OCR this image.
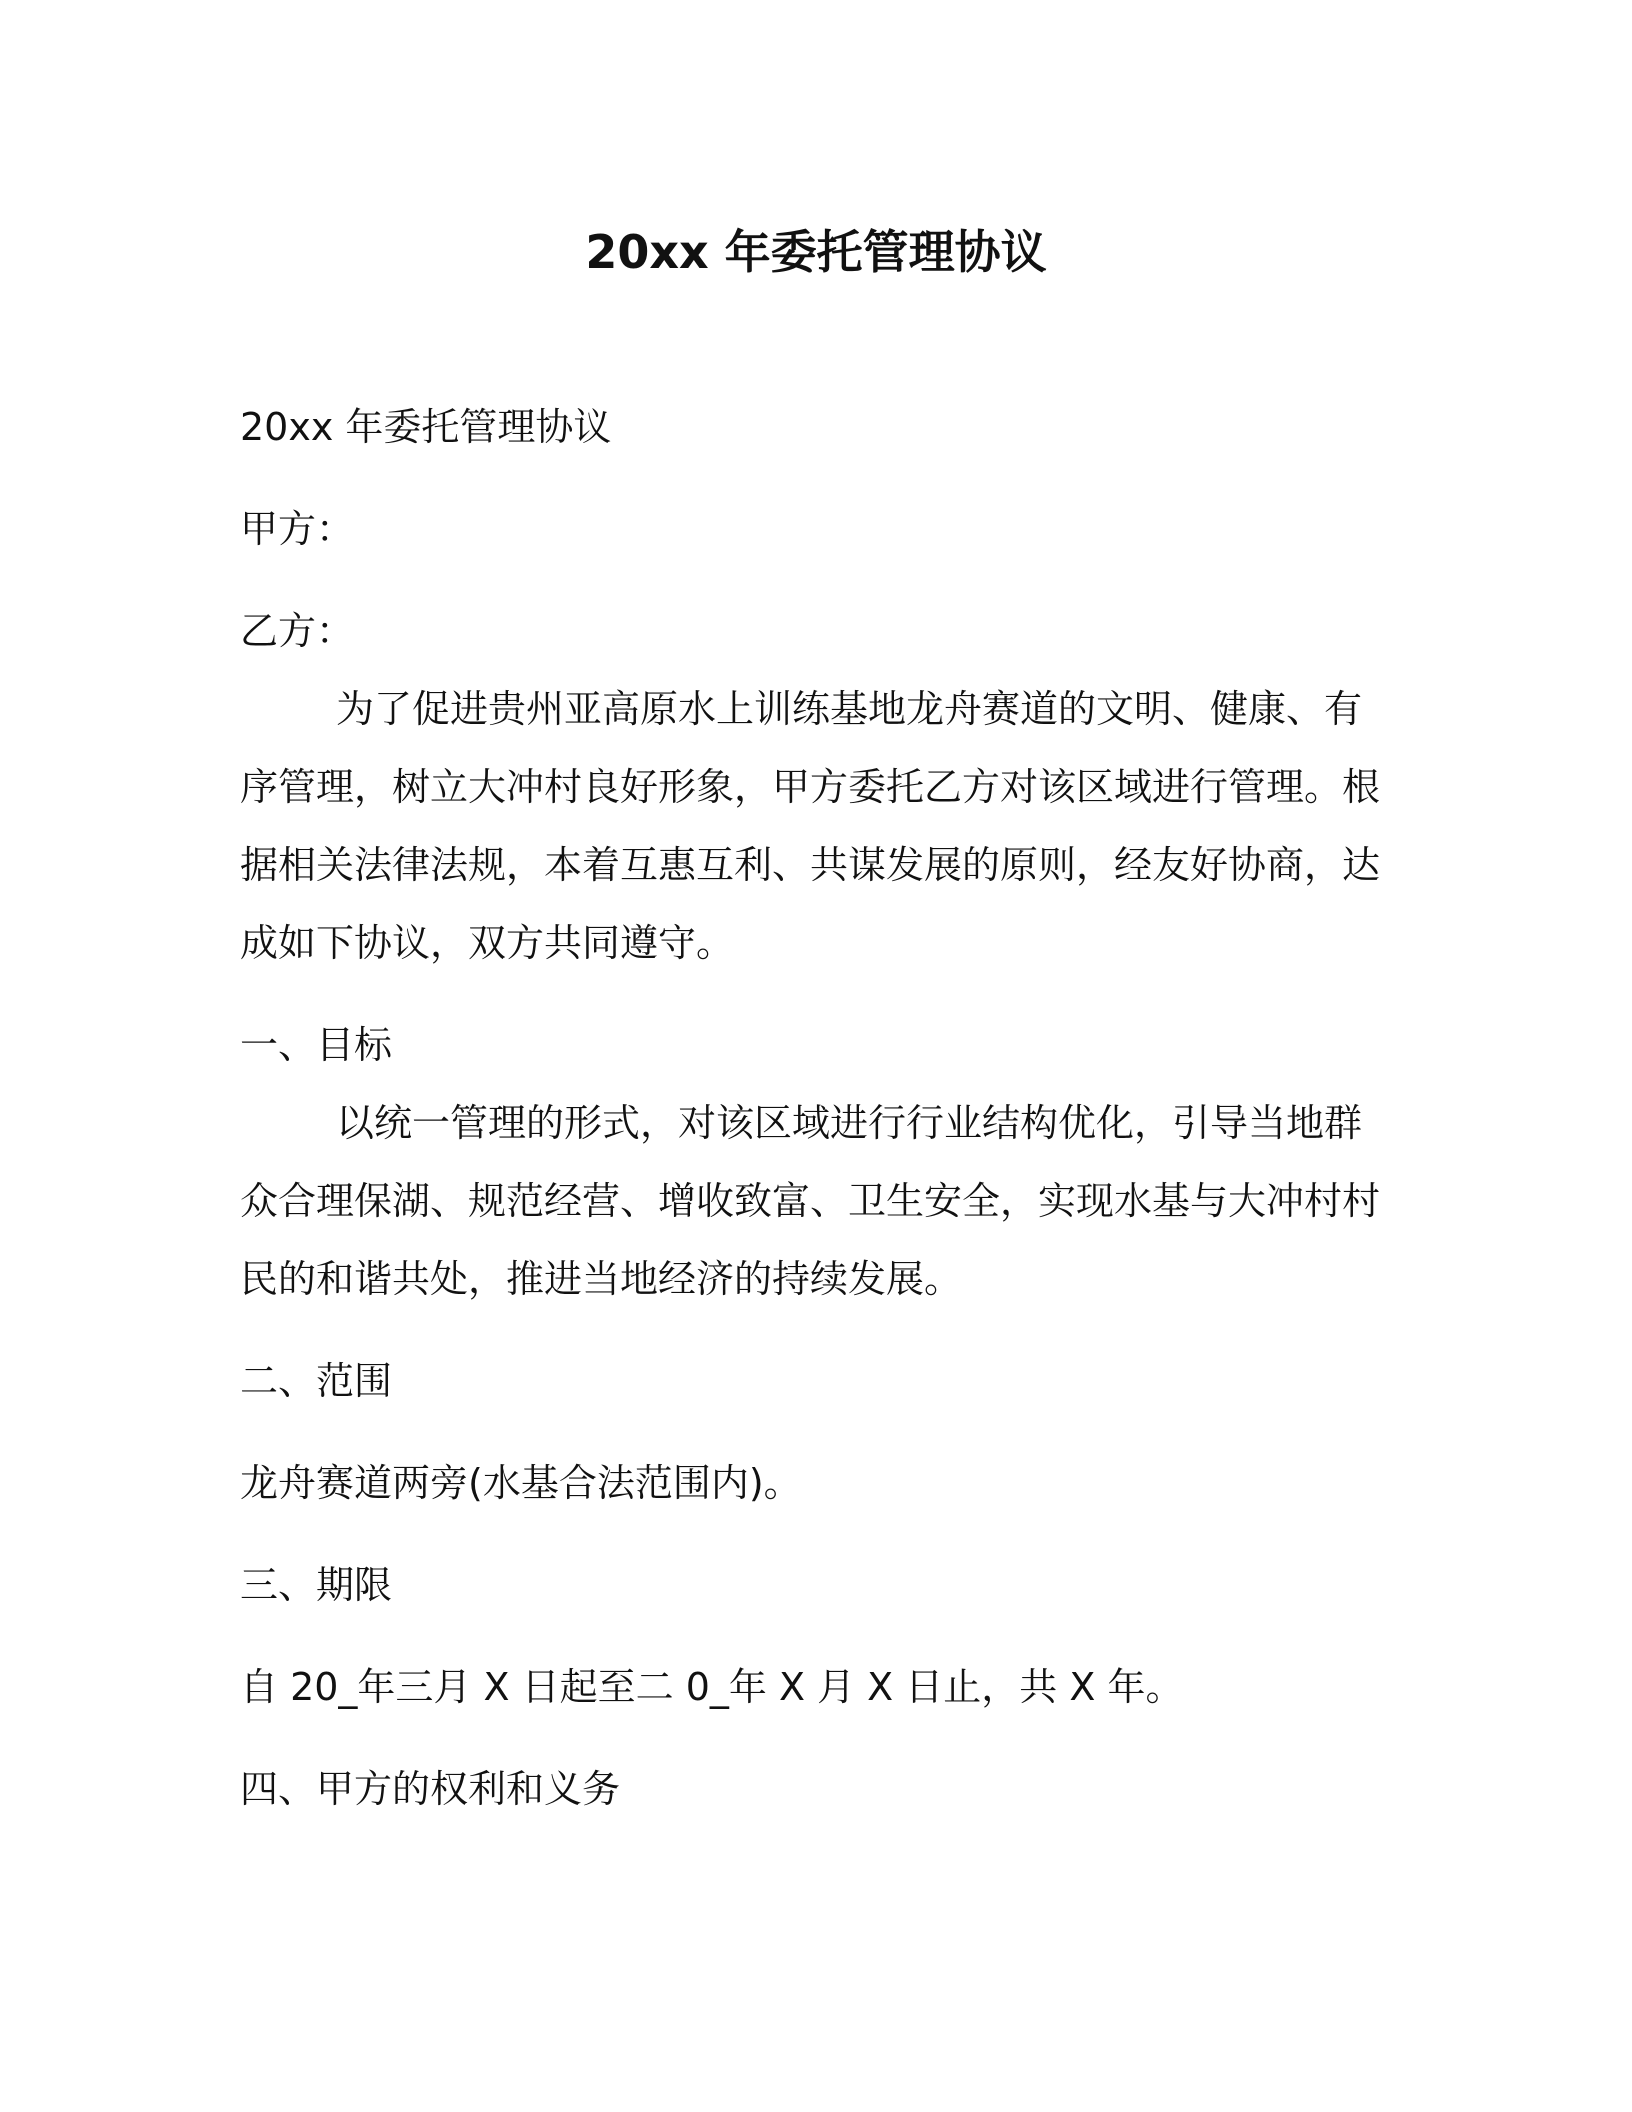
20xx 年委托管理协议

20xx 年委托管理协议

甲方：

乙方：

为了促进贵州亚高原水上训练基地龙舟赛道的文明、健康、有序管理，树立大冲村良好形象，甲方委托乙方对该区域进行管理。根据相关法律法规，本着互惠互利、共谋发展的原则，经友好协商，达成如下协议，双方共同遵守。

一、目标

以统一管理的形式，对该区域进行行业结构优化，引导当地群众合理保湖、规范经营、增收致富、卫生安全，实现水基与大冲村村民的和谐共处，推进当地经济的持续发展。

二、范围

龙舟赛道两旁(水基合法范围内)。

三、期限

自 20_年三月 X 日起至二 0_年 X 月 X 日止，共 X 年。

四、甲方的权利和义务
